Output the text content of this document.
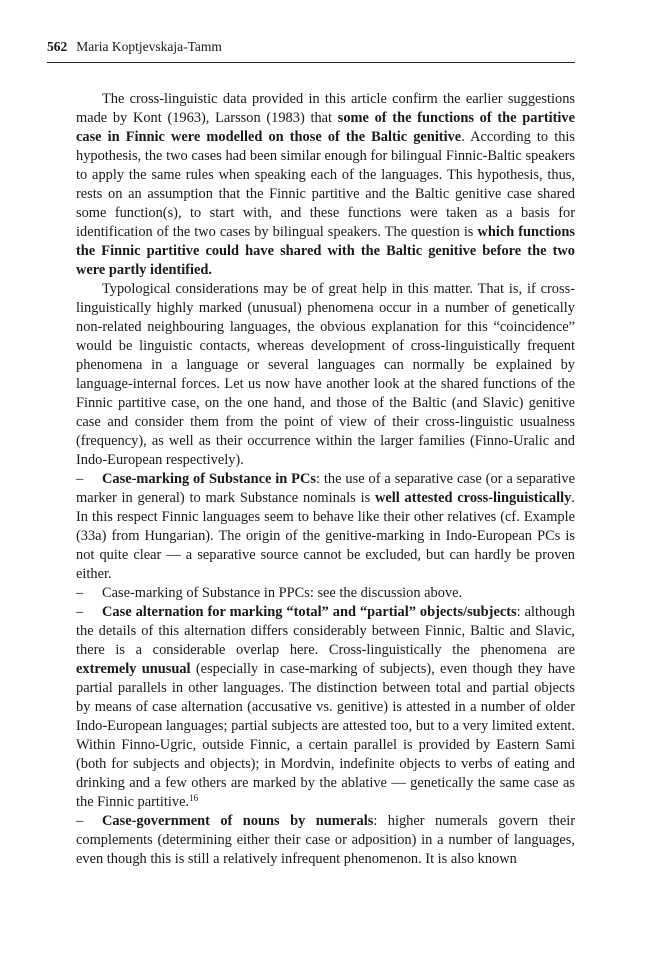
562 Maria Koptjevskaja-Tamm

The cross-linguistic data provided in this article confirm the earlier suggestions made by Kont (1963), Larsson (1983) that some of the functions of the partitive case in Finnic were modelled on those of the Baltic genitive. According to this hypothesis, the two cases had been similar enough for bilingual Finnic-Baltic speakers to apply the same rules when speaking each of the languages. This hypothesis, thus, rests on an assumption that the Finnic partitive and the Baltic genitive case shared some function(s), to start with, and these functions were taken as a basis for identification of the two cases by bilingual speakers. The question is which functions the Finnic partitive could have shared with the Baltic genitive before the two were partly identified.

Typological considerations may be of great help in this matter. That is, if crosslinguistically highly marked (unusual) phenomena occur in a number of genetically non-related neighbouring languages, the obvious explanation for this “coincidence” would be linguistic contacts, whereas development of cross-linguistically frequent phenomena in a language or several languages can normally be explained by language-internal forces. Let us now have another look at the shared functions of the Finnic partitive case, on the one hand, and those of the Baltic (and Slavic) genitive case and consider them from the point of view of their cross-linguistic usualness (frequency), as well as their occurrence within the larger families (Finno-Uralic and Indo-European respectively).

– Case-marking of Substance in PCs: the use of a separative case (or a separative marker in general) to mark Substance nominals is well attested cross-linguistically. In this respect Finnic languages seem to behave like their other relatives (cf. Example (33a) from Hungarian). The origin of the genitive-marking in Indo-European PCs is not quite clear — a separative source cannot be excluded, but can hardly be proven either.

– Case-marking of Substance in PPCs: see the discussion above.

– Case alternation for marking “total” and “partial” objects/subjects: although the details of this alternation differs considerably between Finnic, Baltic and Slavic, there is a considerable overlap here. Cross-linguistically the phenomena are extremely unusual (especially in case-marking of subjects), even though they have partial parallels in other languages. The distinction between total and partial objects by means of case alternation (accusative vs. genitive) is attested in a number of older Indo-European languages; partial subjects are attested too, but to a very limited extent. Within Finno-Ugric, outside Finnic, a certain parallel is provided by Eastern Sami (both for subjects and objects); in Mordvin, indefinite objects to verbs of eating and drinking and a few others are marked by the ablative — genetically the same case as the Finnic partitive.$^{16}$

– Case-government of nouns by numerals: higher numerals govern their complements (determining either their case or adposition) in a number of languages, even though this is still a relatively infrequent phenomenon. It is also known
